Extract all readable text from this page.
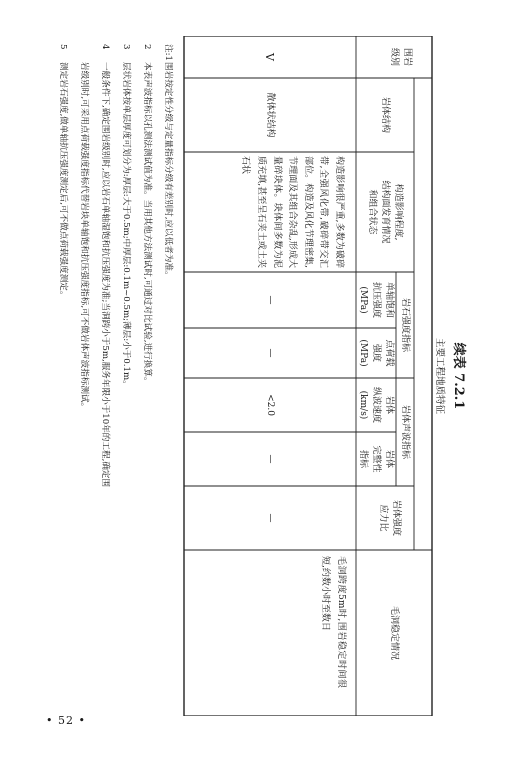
• 52 •
续表 7.2.1
主要工程地质特征
围岩
级别
岩体结构
构造影响程度,
结构面发育情况
和组合状态
岩石强度指标
单轴饱和
抗压强度
(MPa)
点荷载
强度
(MPa)
岩体声波指标
岩体
纵波速度
(km/s)
岩体
完整性
指标
岩体强度
应力比
毛洞稳定情况
V
散体状结构
构造影响很严重,多数为破碎带,全强风化带,破碎带交汇部位。构造及风化节理密集,节理面及其组合杂乱,形成大量碎块体。块体间多数为泥质充填,甚至呈石夹土或土夹石状
—
—
<2.0
—
—
毛洞跨度5m时,围岩稳定时间很短,约数小时至数日
注:1围岩按定性分级与定量指标分级有差别时,应以低者为准。
2本表声波指标以孔测法测试值为准。当用其他方法测试时,可通过对比试验,进行换算。
3层状岩体按单层厚度可划分为:厚层:大于0.5m;中厚层:0.1m~0.5m;薄层:小于0.1m。
4一般条件下,确定围岩级别时,应以岩石单轴湿饱和抗压强度为准;当洞跨小于5m,服务年限小于10年的工程,确定围
岩级别时,可采用点荷载强度指标代替岩块单轴饱和抗压强度指标,可不做岩体声波指标测试。
5测定岩石强度,做单轴抗压强度测定后,可不做点荷载强度测定。
